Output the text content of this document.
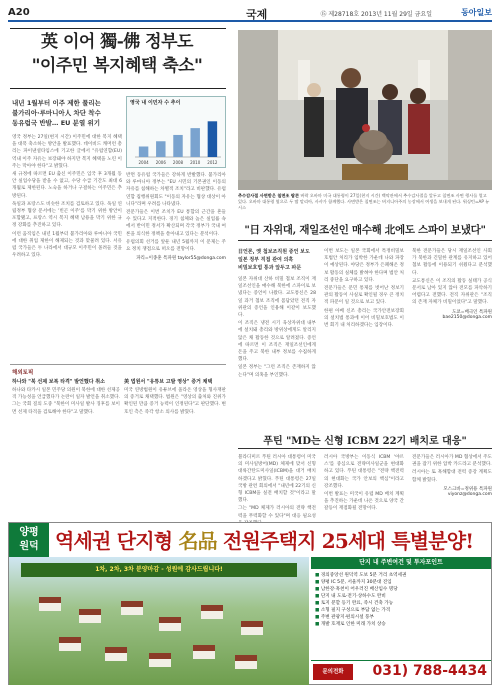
A20	국제	⑮ 제28718호 2013년 11월 29일 금요일	동아일보
英 이어 獨-佛 정부도
"이주민 복지혜택 축소"
내년 1월부터 이주 제한 풀리는
불가리아·루마니아人 차단 착수
동유럽국 반발… EU 분열 위기
영국 내 이민자 수 추이
2004 2006 2008 2010 2012

영국 정부는 27일(현지 시간) 이주민에 대한 복지 혜택을 대폭 축소하는 방안을 발표했다. 데이비드 캐머런 총리는 파이낸셜타임스에 기고한 글에서 "유럽연합(EU) 역내 이주 자유는 보장돼야 하지만 복지 혜택을 노린 이주는 막아야 한다"고 밝혔다.

새 규정에 따르면 EU 출신 이주민은 입국 후 3개월 동안 실업수당을 받을 수 없고, 수당 수급 기간도 최대 6개월로 제한된다. 노숙을 하거나 구걸하는 이주민은 추방된다.

독일과 프랑스도 비슷한 조치를 검토하고 있다. 독일 연립정부 협상 문서에는 '빈곤 이주'를 막기 위한 방안이 포함됐고, 프랑스 역시 복지 혜택 남용을 막기 위한 규정 강화를 추진하고 있다.

이런 움직임은 내년 1월부터 불가리아와 루마니아 국민에 대한 취업 제한이 해제되는 것과 맞물려 있다. 서유럽 국가들은 두 나라에서 대규모 이주민이 몰려들 것을 우려하고 있다.

반면 동유럽 국가들은 강하게 반발했다. 불가리아와 루마니아 정부는 "EU 시민의 기본권인 이동의 자유를 침해하는 차별적 조치"라고 비판했다. 유럽연합 집행위원회도 "이동의 자유는 협상 대상이 아니다"라며 우려를 나타냈다.

전문가들은 이번 조치가 EU 통합의 근간을 흔들 수 있다고 지적한다. 경기 침체와 높은 실업률 속에서 반이민 정서가 확산되며 각국 정부가 국내 여론을 의식한 정책을 쏟아내고 있다는 분석이다.

유럽의회 선거를 앞둔 내년 5월까지 이 문제는 주요 정치 쟁점으로 떠오를 전망이다.

파리=이종훈 특파원 taylor55@donga.com
해외토픽
하나와 "북 선제 보복 타격" 발언했다 취소

하나와 타카시 일본 민주당 의원이 북한에 대한 선제공격 가능성을 언급했다가 논란이 일자 발언을 취소했다. 그는 국회 질의 도중 "북한이 미사일 발사 징후를 보이면 선제 타격을 검토해야 한다"고 말했다.

美 법원서 "유튜브 고발 영상" 증거 채택

미국 연방법원이 유튜브에 올라온 영상을 형사재판의 증거로 채택했다. 법원은 "영상의 출처와 진위가 확인된 만큼 증거 능력이 인정된다"고 판단했다. 변호인 측은 즉각 항소 의사를 밝혔다.

추수감사절 사면받은 칠면조 팝콘 버락 오바마 미국 대통령이 27일(현지 시간) 백악관에서 추수감사절을 앞두고 칠면조 사면 행사를 열고 있다. 오바마 대통령 옆으로 두 딸 말리아, 사샤가 함께했다. 사면받은 칠면조는 버지니아주의 농장에서 여생을 보내게 된다. 워싱턴=AP 뉴시스
"日 자위대, 재일조선인 매수해 北에도 스파이 보냈다"
日언론, 옛 첩보조직원 증언 보도
일본 정부 직접 관여 의혹
비밀보호법 통과 앞두고 파문

일본 자위대 산하 비밀 첩보 조직이 재일조선인을 매수해 북한에 스파이로 보냈다는 증언이 나왔다. 교도통신은 28일 과거 첩보 조직에 몸담았던 전직 자위관의 증언을 인용해 이같이 보도했다.

이 조직은 냉전 시기 육상자위대 내부에 설치돼 총리와 방위상에게도 알리지 않은 채 활동한 것으로 알려졌다. 증언에 따르면 이 조직은 재일조선인에게 돈을 주고 북한 내부 정보를 수집하게 했다.

일본 정부는 "그런 조직은 존재하지 않는다"며 의혹을 부인했다.

이번 보도는 일본 국회에서 특정비밀보호법안 처리가 임박한 가운데 나와 파장이 예상된다. 야당은 정부가 은폐해온 정보 활동의 실체를 밝혀야 한다며 법안 처리 중단을 요구하고 있다.

전문가들은 문민 통제를 벗어난 정보기관의 활동이 사실로 확인될 경우 큰 정치적 파문이 일 것으로 보고 있다.

한편 아베 신조 총리는 국가안전보장회의 설치법 통과에 이어 비밀보호법도 이번 회기 내 처리하겠다는 입장이다.

북한 전문가들은 당시 재일조선인 사회가 북한과 긴밀한 관계를 유지하고 있어 첩보 활동에 이용되기 쉬웠다고 분석했다.

교도통신은 이 조직의 활동 실태가 공식 문서로 남아 있지 않아 전모를 파악하기 어렵다고 전했다. 전직 자위관은 "조직의 존재 자체가 비밀이었다"고 말했다.

도쿄=배극인 특파원 bae2150@donga.com
푸틴 "MD는 신형 ICBM 22기 배치로 대응"

블라디미르 푸틴 러시아 대통령이 미국의 미사일방어(MD) 체제에 맞서 신형 대륙간탄도미사일(ICBM)을 대거 배치하겠다고 밝혔다. 푸틴 대통령은 27일 국방 관련 회의에서 "내년에 22기의 신형 ICBM을 실전 배치할 것"이라고 말했다.

그는 "MD 체제가 러시아의 전략 핵전력을 무력화할 수 있다"며 대응 필요성

러시아 국방부는 이동식 ICBM '야르스'를 중심으로 전략미사일군을 현대화하고 있다. 푸틴 대통령은 "전략 핵전력의 현대화는 국가 안보의 핵심"이라고 강조했다.

이번 발표는 미국이 유럽 MD 배치 계획을 추진하는 가운데 나온 것으로 양국 간 갈등이 재점화될 전망이다.

전문가들은 러시아가 MD 협상에서 주도권을 잡기 위한 압박 카드라고 분석했다.

러시아는 또 흑해함대 전력 증강 계획도 함께 밝혔다.

모스크바=정위용 특파원 viyonz@donga.com
양평
원덕 역세권 단지형 名品 전원주택지 25세대 특별분양!
1차, 2차, 3차 분양마감 - 성원에 감사드립니다!
단지 내 주변여건 및 투자포인트
■ 경의중앙선 원덕역 도보 5분 거리 초역세권
■ 양평 IC 5분, 서울까지 30분대 진입
■ 남한강·흑천이 어우러진 배산임수 명당
■ 단지 내 도로·전기·상하수도 완비
■ 토지 분할 등기 완료, 즉시 건축 가능
■ 소형 필지 구성으로 부담 없는 가격
■ 주변 관광지·편의시설 풍부
■ 개발 호재로 인한 미래 가치 상승
문의전화	031) 788-4434
